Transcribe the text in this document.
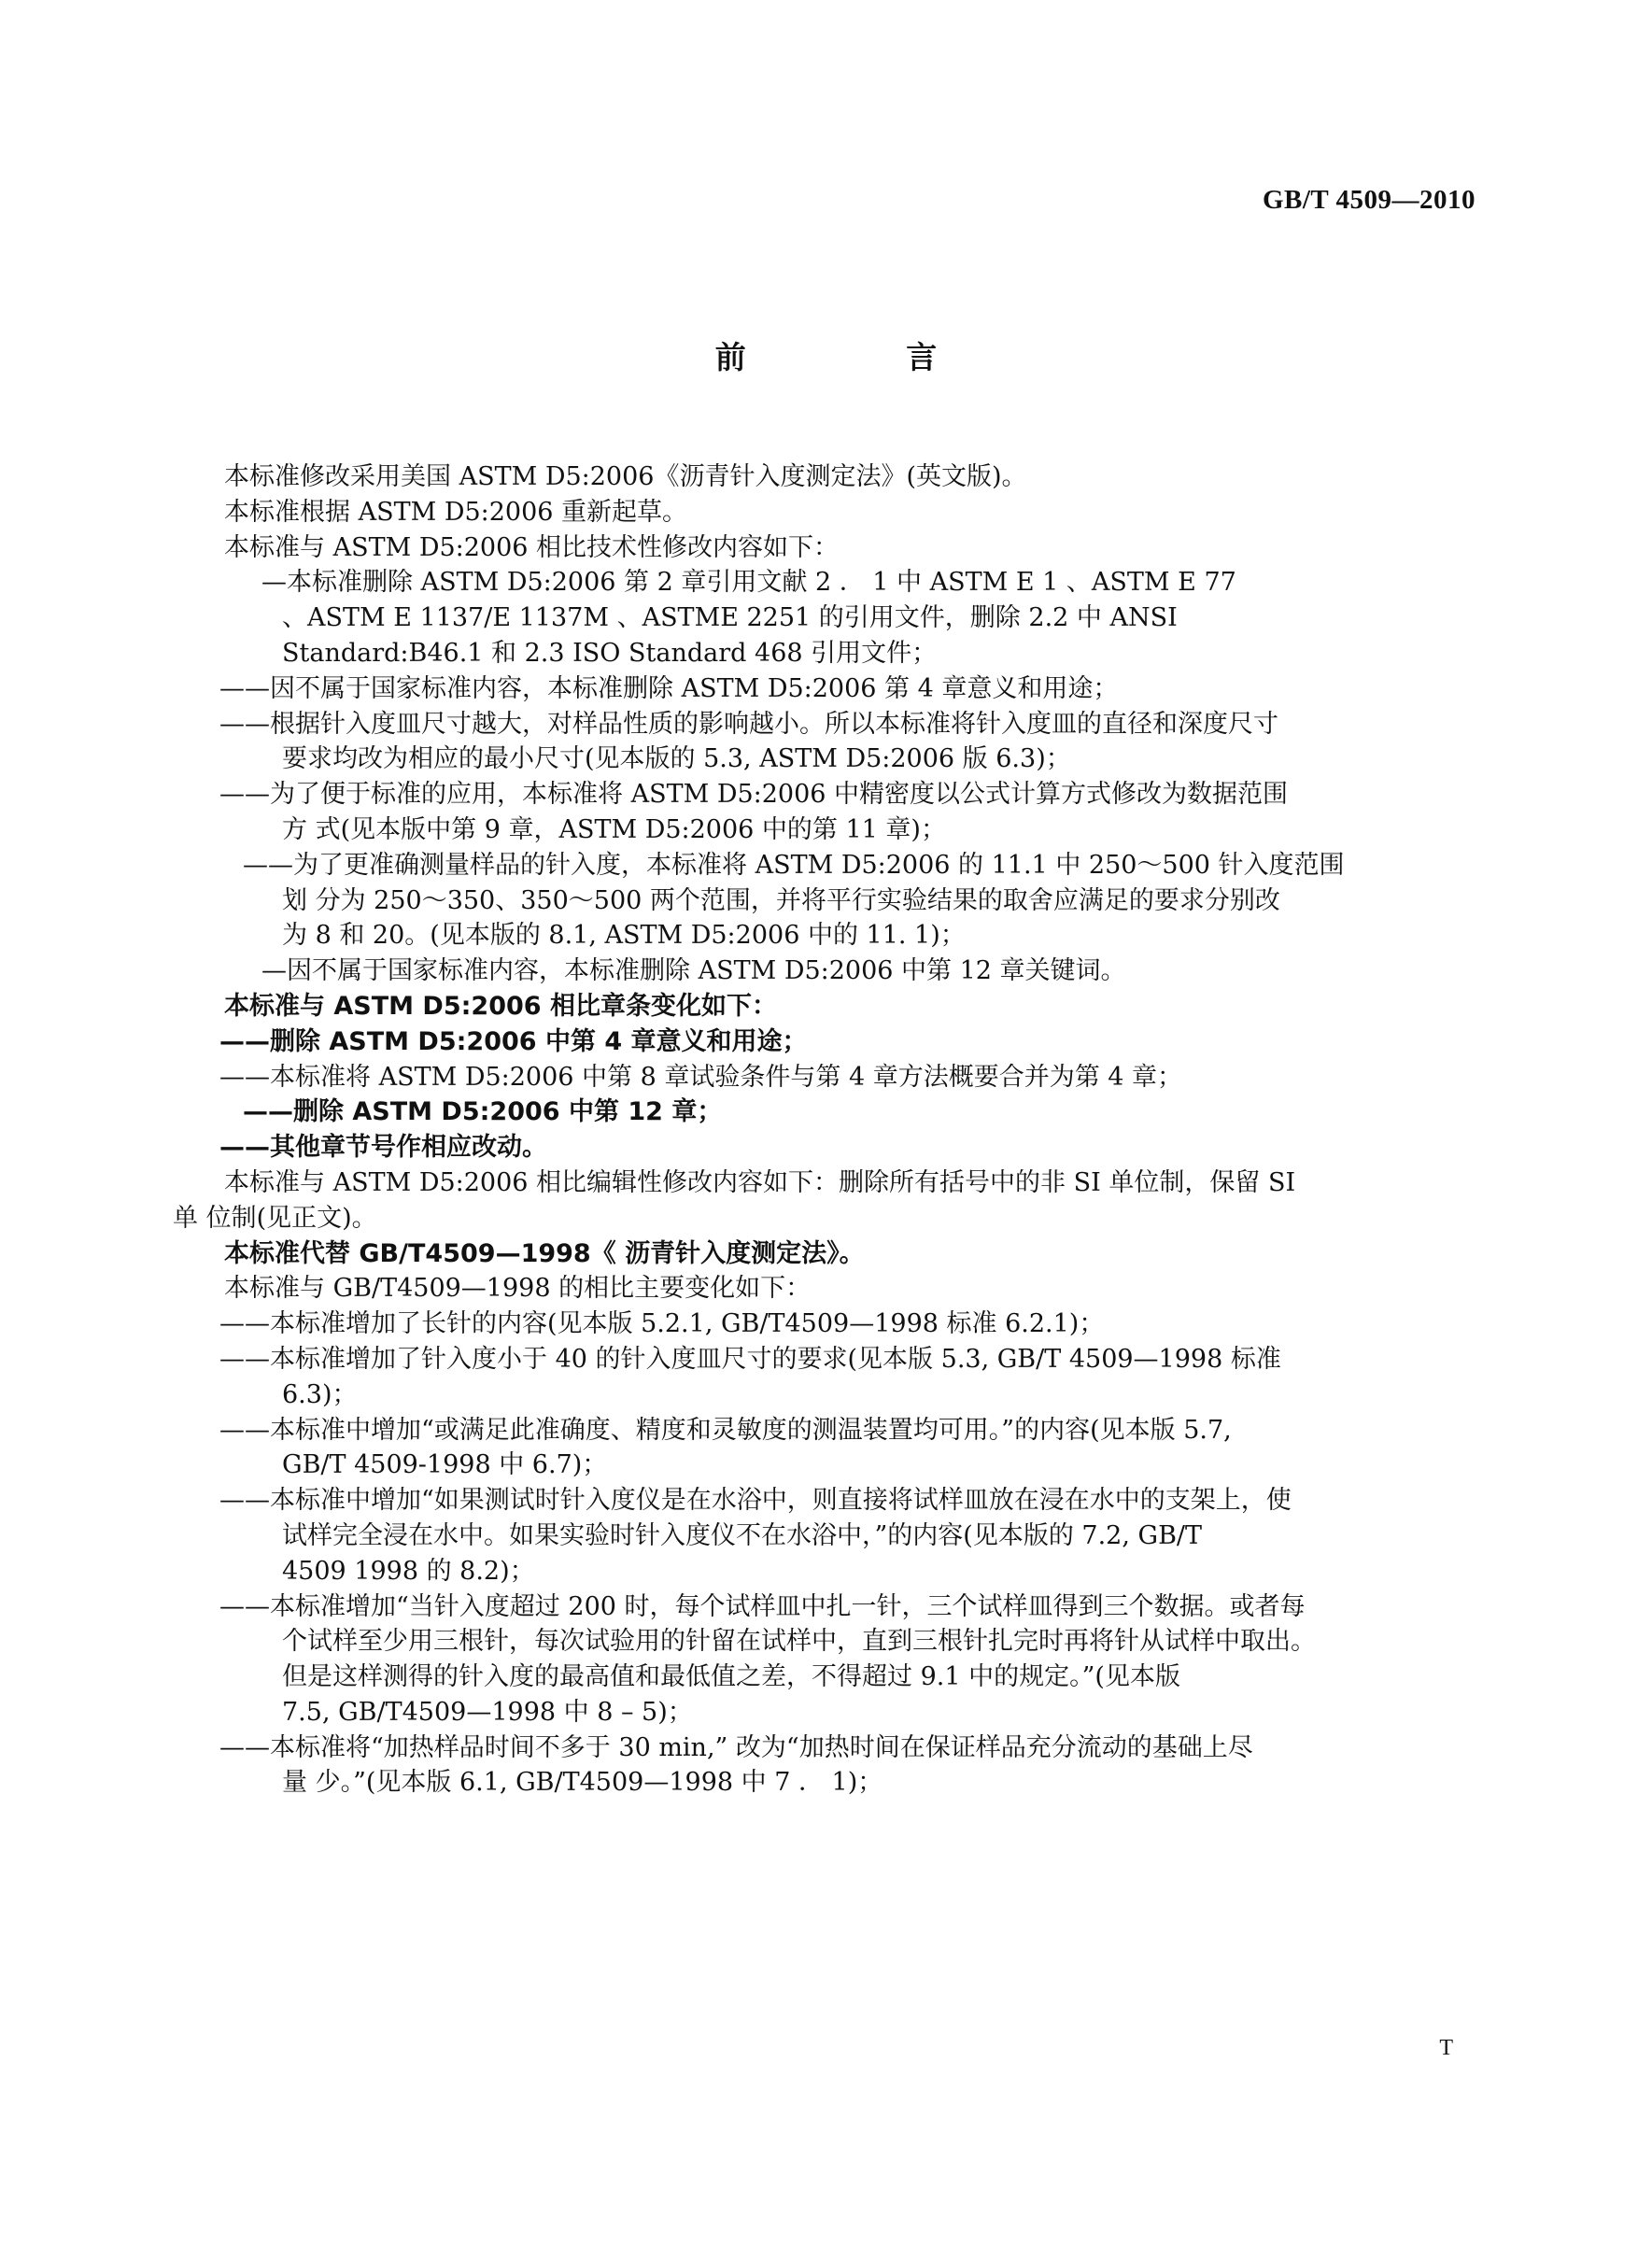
GB/T 4509—2010
前 言
本标准修改采用美国 ASTM D5:2006《沥青针入度测定法》(英文版)。
本标准根据 ASTM D5:2006 重新起草。
本标准与 ASTM D5:2006 相比技术性修改内容如下：
—本标准删除 ASTM D5:2006 第 2 章引用文献 2 ． 1 中 ASTM E 1 、ASTM E 77
、ASTM E 1137/E 1137M 、ASTME 2251 的引用文件，删除 2.2 中 ANSI
Standard:B46.1 和 2.3 ISO Standard 468 引用文件；
——因不属于国家标准内容，本标准删除 ASTM D5:2006 第 4 章意义和用途；
——根据针入度皿尺寸越大，对样品性质的影响越小。所以本标准将针入度皿的直径和深度尺寸
要求均改为相应的最小尺寸(见本版的 5.3, ASTM D5:2006 版 6.3)；
——为了便于标准的应用，本标准将 ASTM D5:2006 中精密度以公式计算方式修改为数据范围
方 式(见本版中第 9 章，ASTM D5:2006 中的第 11 章)；
——为了更准确测量样品的针入度，本标准将 ASTM D5:2006 的 11.1 中 250～500 针入度范围
划 分为 250～350、350～500 两个范围，并将平行实验结果的取舍应满足的要求分别改
为 8 和 20。(见本版的 8.1, ASTM D5:2006 中的 11. 1)；
—因不属于国家标准内容，本标准删除 ASTM D5:2006 中第 12 章关键词。
本标准与 ASTM D5:2006 相比章条变化如下：
——删除 ASTM D5:2006 中第 4 章意义和用途；
——本标准将 ASTM D5:2006 中第 8 章试验条件与第 4 章方法概要合并为第 4 章；
——删除 ASTM D5:2006 中第 12 章；
——其他章节号作相应改动。
本标准与 ASTM D5:2006 相比编辑性修改内容如下：删除所有括号中的非 SI 单位制，保留 SI
单 位制(见正文)。
本标准代替 GB/T4509—1998《 沥青针入度测定法》。
本标准与 GB/T4509—1998 的相比主要变化如下：
——本标准增加了长针的内容(见本版 5.2.1, GB/T4509—1998 标准 6.2.1)；
——本标准增加了针入度小于 40 的针入度皿尺寸的要求(见本版 5.3, GB/T 4509—1998 标准
6.3)；
——本标准中增加“或满足此准确度、精度和灵敏度的测温装置均可用。”的内容(见本版 5.7,
GB/T 4509-1998 中 6.7)；
——本标准中增加“如果测试时针入度仪是在水浴中，则直接将试样皿放在浸在水中的支架上，使
试样完全浸在水中。如果实验时针入度仪不在水浴中，”的内容(见本版的 7.2, GB/T
4509 1998 的 8.2)；
——本标准增加“当针入度超过 200 时，每个试样皿中扎一针，三个试样皿得到三个数据。或者每
个试样至少用三根针，每次试验用的针留在试样中，直到三根针扎完时再将针从试样中取出。
但是这样测得的针入度的最高值和最低值之差，不得超过 9.1 中的规定。”(见本版
7.5, GB/T4509—1998 中 8 – 5)；
——本标准将“加热样品时间不多于 30 min,” 改为“加热时间在保证样品充分流动的基础上尽
量 少。”(见本版 6.1, GB/T4509—1998 中 7 ． 1)；
T
